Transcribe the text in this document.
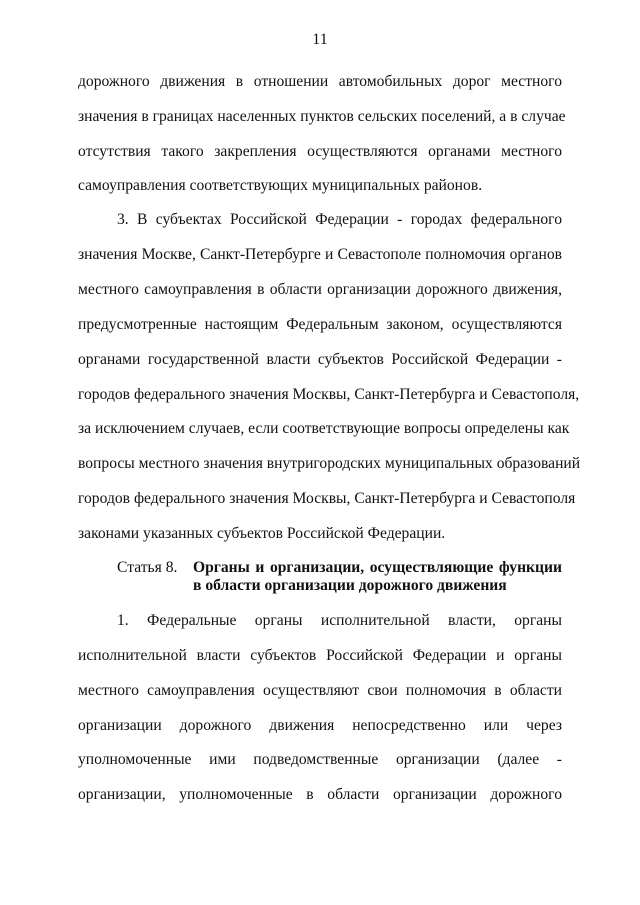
11
дорожного движения в отношении автомобильных дорог местного
значения в границах населенных пунктов сельских поселений, а в случае
отсутствия такого закрепления осуществляются органами местного
самоуправления соответствующих муниципальных районов.
3. В субъектах Российской Федерации - городах федерального
значения Москве, Санкт-Петербурге и Севастополе полномочия органов
местного самоуправления в области организации дорожного движения,
предусмотренные настоящим Федеральным законом, осуществляются
органами государственной власти субъектов Российской Федерации -
городов федерального значения Москвы, Санкт-Петербурга и Севастополя,
за исключением случаев, если соответствующие вопросы определены как
вопросы местного значения внутригородских муниципальных образований
городов федерального значения Москвы, Санкт-Петербурга и Севастополя
законами указанных субъектов Российской Федерации.
Статья 8. Органы и организации, осуществляющие функции
в области организации дорожного движения
1. Федеральные органы исполнительной власти, органы
исполнительной власти субъектов Российской Федерации и органы
местного самоуправления осуществляют свои полномочия в области
организации дорожного движения непосредственно или через
уполномоченные ими подведомственные организации (далее -
организации, уполномоченные в области организации дорожного
